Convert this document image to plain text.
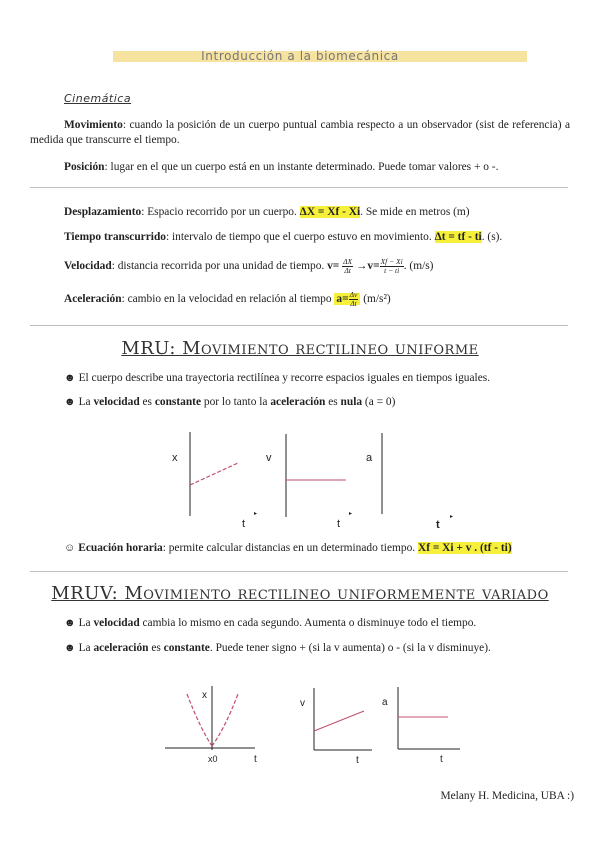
Introducción a la biomecánica
Cinemática
Movimiento: cuando la posición de un cuerpo puntual cambia respecto a un observador (sist de referencia) a medida que transcurre el tiempo.
Posición: lugar en el que un cuerpo está en un instante determinado. Puede tomar valores + o -.
Desplazamiento: Espacio recorrido por un cuerpo. ΔX = Xf - Xi. Se mide en metros (m)
Tiempo transcurrido: intervalo de tiempo que el cuerpo estuvo en movimiento. Δt = tf - ti. (s).
Velocidad: distancia recorrida por una unidad de tiempo. $v= \frac{\Delta X}{\Delta t} \to v= \frac{Xf - Xi}{t - ti}$ . (m/s)
Aceleración: cambio en la velocidad en relación al tiempo $a= \frac{\Delta v}{\Delta t} (m/s^2)$
MRU: Movimiento rectilineo uniforme
☻ El cuerpo describe una trayectoria rectilínea y recorre espacios iguales en tiempos iguales.
☻ La velocidad es constante por lo tanto la aceleración es nula (a = 0)
x
t
▸
v
t
▸
a
t
▸
☺ Ecuación horaria: permite calcular distancias en un determinado tiempo. Xf = Xi + v . (tf - ti)
MRUV: Movimiento rectilineo uniformemente variado
☻ La velocidad cambia lo mismo en cada segundo. Aumenta o disminuye todo el tiempo.
☻ La aceleración es constante. Puede tener signo + (si la v aumenta) o - (si la v disminuye).
x
x0	t
v
t
a
t
Melany H. Medicina, UBA :)
